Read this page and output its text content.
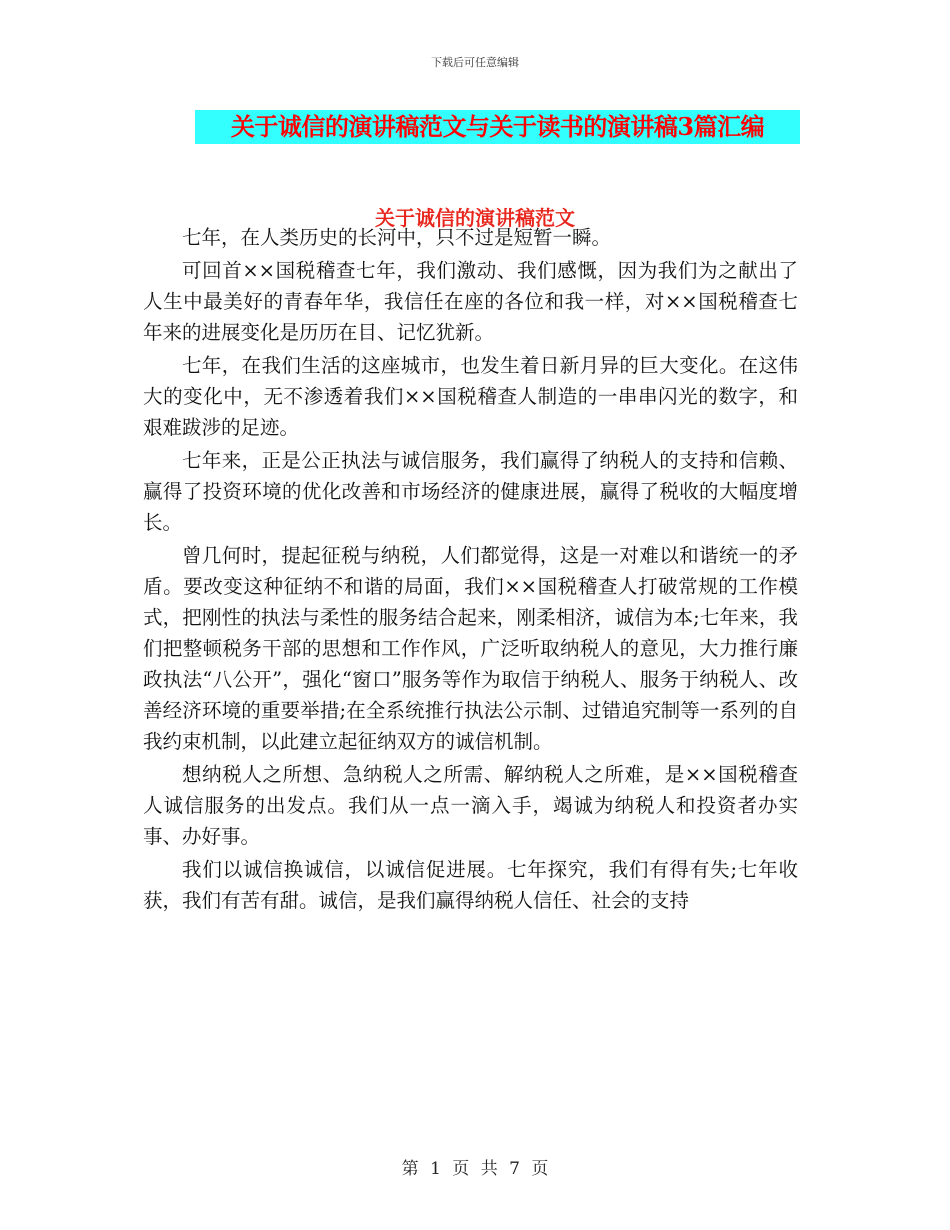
下载后可任意编辑
关于诚信的演讲稿范文与关于读书的演讲稿3篇汇编
关于诚信的演讲稿范文

七年，在人类历史的长河中，只不过是短暂一瞬。

可回首××国税稽查七年，我们激动、我们感慨，因为我们为之献出了人生中最美好的青春年华，我信任在座的各位和我一样，对××国税稽查七年来的进展变化是历历在目、记忆犹新。

七年，在我们生活的这座城市，也发生着日新月异的巨大变化。在这伟大的变化中，无不渗透着我们××国税稽查人制造的一串串闪光的数字，和艰难跋涉的足迹。

七年来，正是公正执法与诚信服务，我们赢得了纳税人的支持和信赖、赢得了投资环境的优化改善和市场经济的健康进展，赢得了税收的大幅度增长。

曾几何时，提起征税与纳税，人们都觉得，这是一对难以和谐统一的矛盾。要改变这种征纳不和谐的局面，我们××国税稽查人打破常规的工作模式，把刚性的执法与柔性的服务结合起来，刚柔相济，诚信为本;七年来，我们把整顿税务干部的思想和工作作风，广泛听取纳税人的意见，大力推行廉政执法“八公开”，强化“窗口”服务等作为取信于纳税人、服务于纳税人、改善经济环境的重要举措;在全系统推行执法公示制、过错追究制等一系列的自我约束机制，以此建立起征纳双方的诚信机制。

想纳税人之所想、急纳税人之所需、解纳税人之所难，是××国税稽查人诚信服务的出发点。我们从一点一滴入手，竭诚为纳税人和投资者办实事、办好事。

我们以诚信换诚信，以诚信促进展。七年探究，我们有得有失;七年收获，我们有苦有甜。诚信，是我们赢得纳税人信任、社会的支持

第 1 页 共 7 页
